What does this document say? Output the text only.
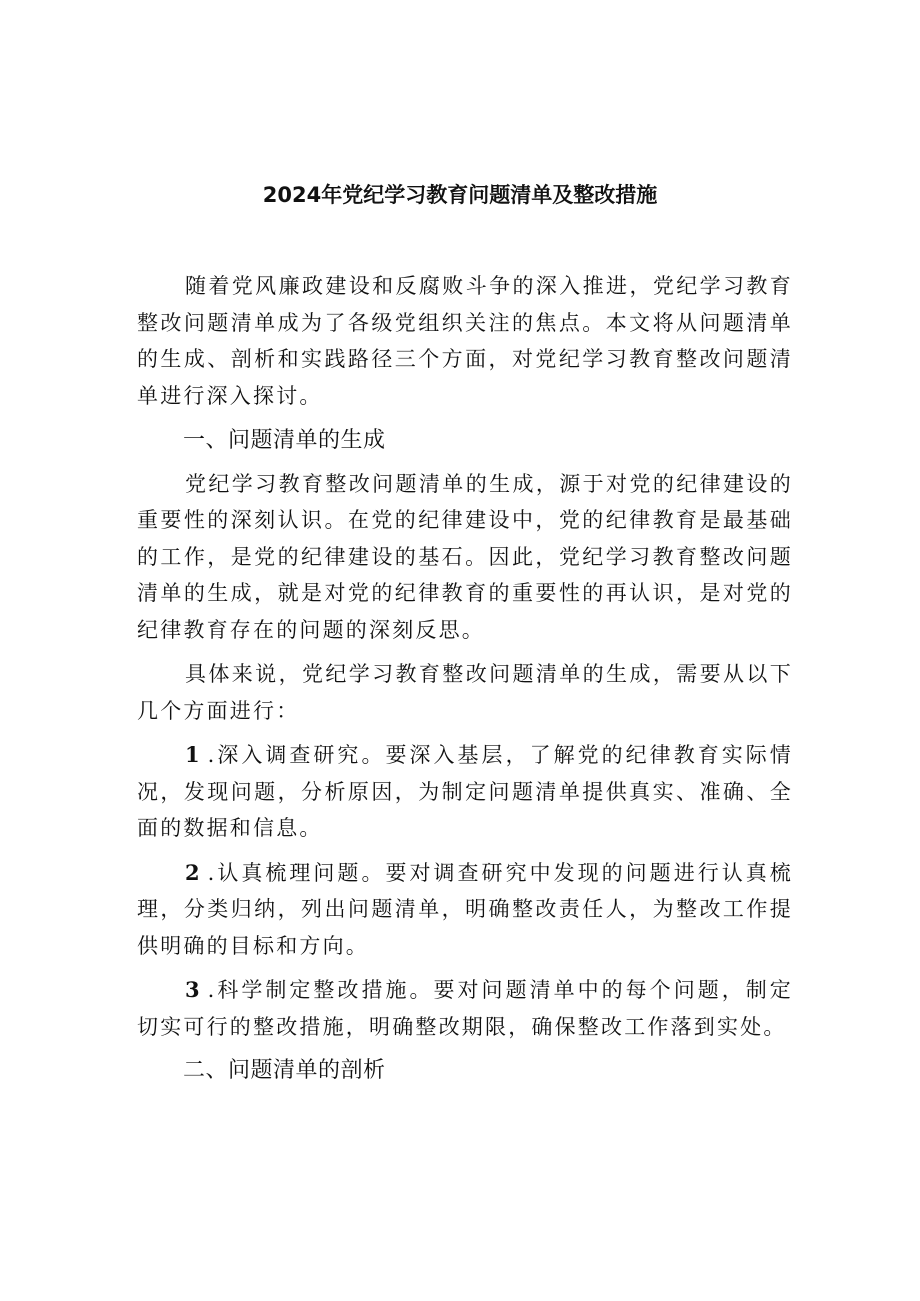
2024年党纪学习教育问题清单及整改措施

随着党风廉政建设和反腐败斗争的深入推进，党纪学习教育整改问题清单成为了各级党组织关注的焦点。本文将从问题清单的生成、剖析和实践路径三个方面，对党纪学习教育整改问题清单进行深入探讨。

一、问题清单的生成

党纪学习教育整改问题清单的生成，源于对党的纪律建设的重要性的深刻认识。在党的纪律建设中，党的纪律教育是最基础的工作，是党的纪律建设的基石。因此，党纪学习教育整改问题清单的生成，就是对党的纪律教育的重要性的再认识，是对党的纪律教育存在的问题的深刻反思。

具体来说，党纪学习教育整改问题清单的生成，需要从以下几个方面进行：

1.深入调查研究。要深入基层，了解党的纪律教育实际情况，发现问题，分析原因，为制定问题清单提供真实、准确、全面的数据和信息。

2.认真梳理问题。要对调查研究中发现的问题进行认真梳理，分类归纳，列出问题清单，明确整改责任人，为整改工作提供明确的目标和方向。

3.科学制定整改措施。要对问题清单中的每个问题，制定切实可行的整改措施，明确整改期限，确保整改工作落到实处。

二、问题清单的剖析
